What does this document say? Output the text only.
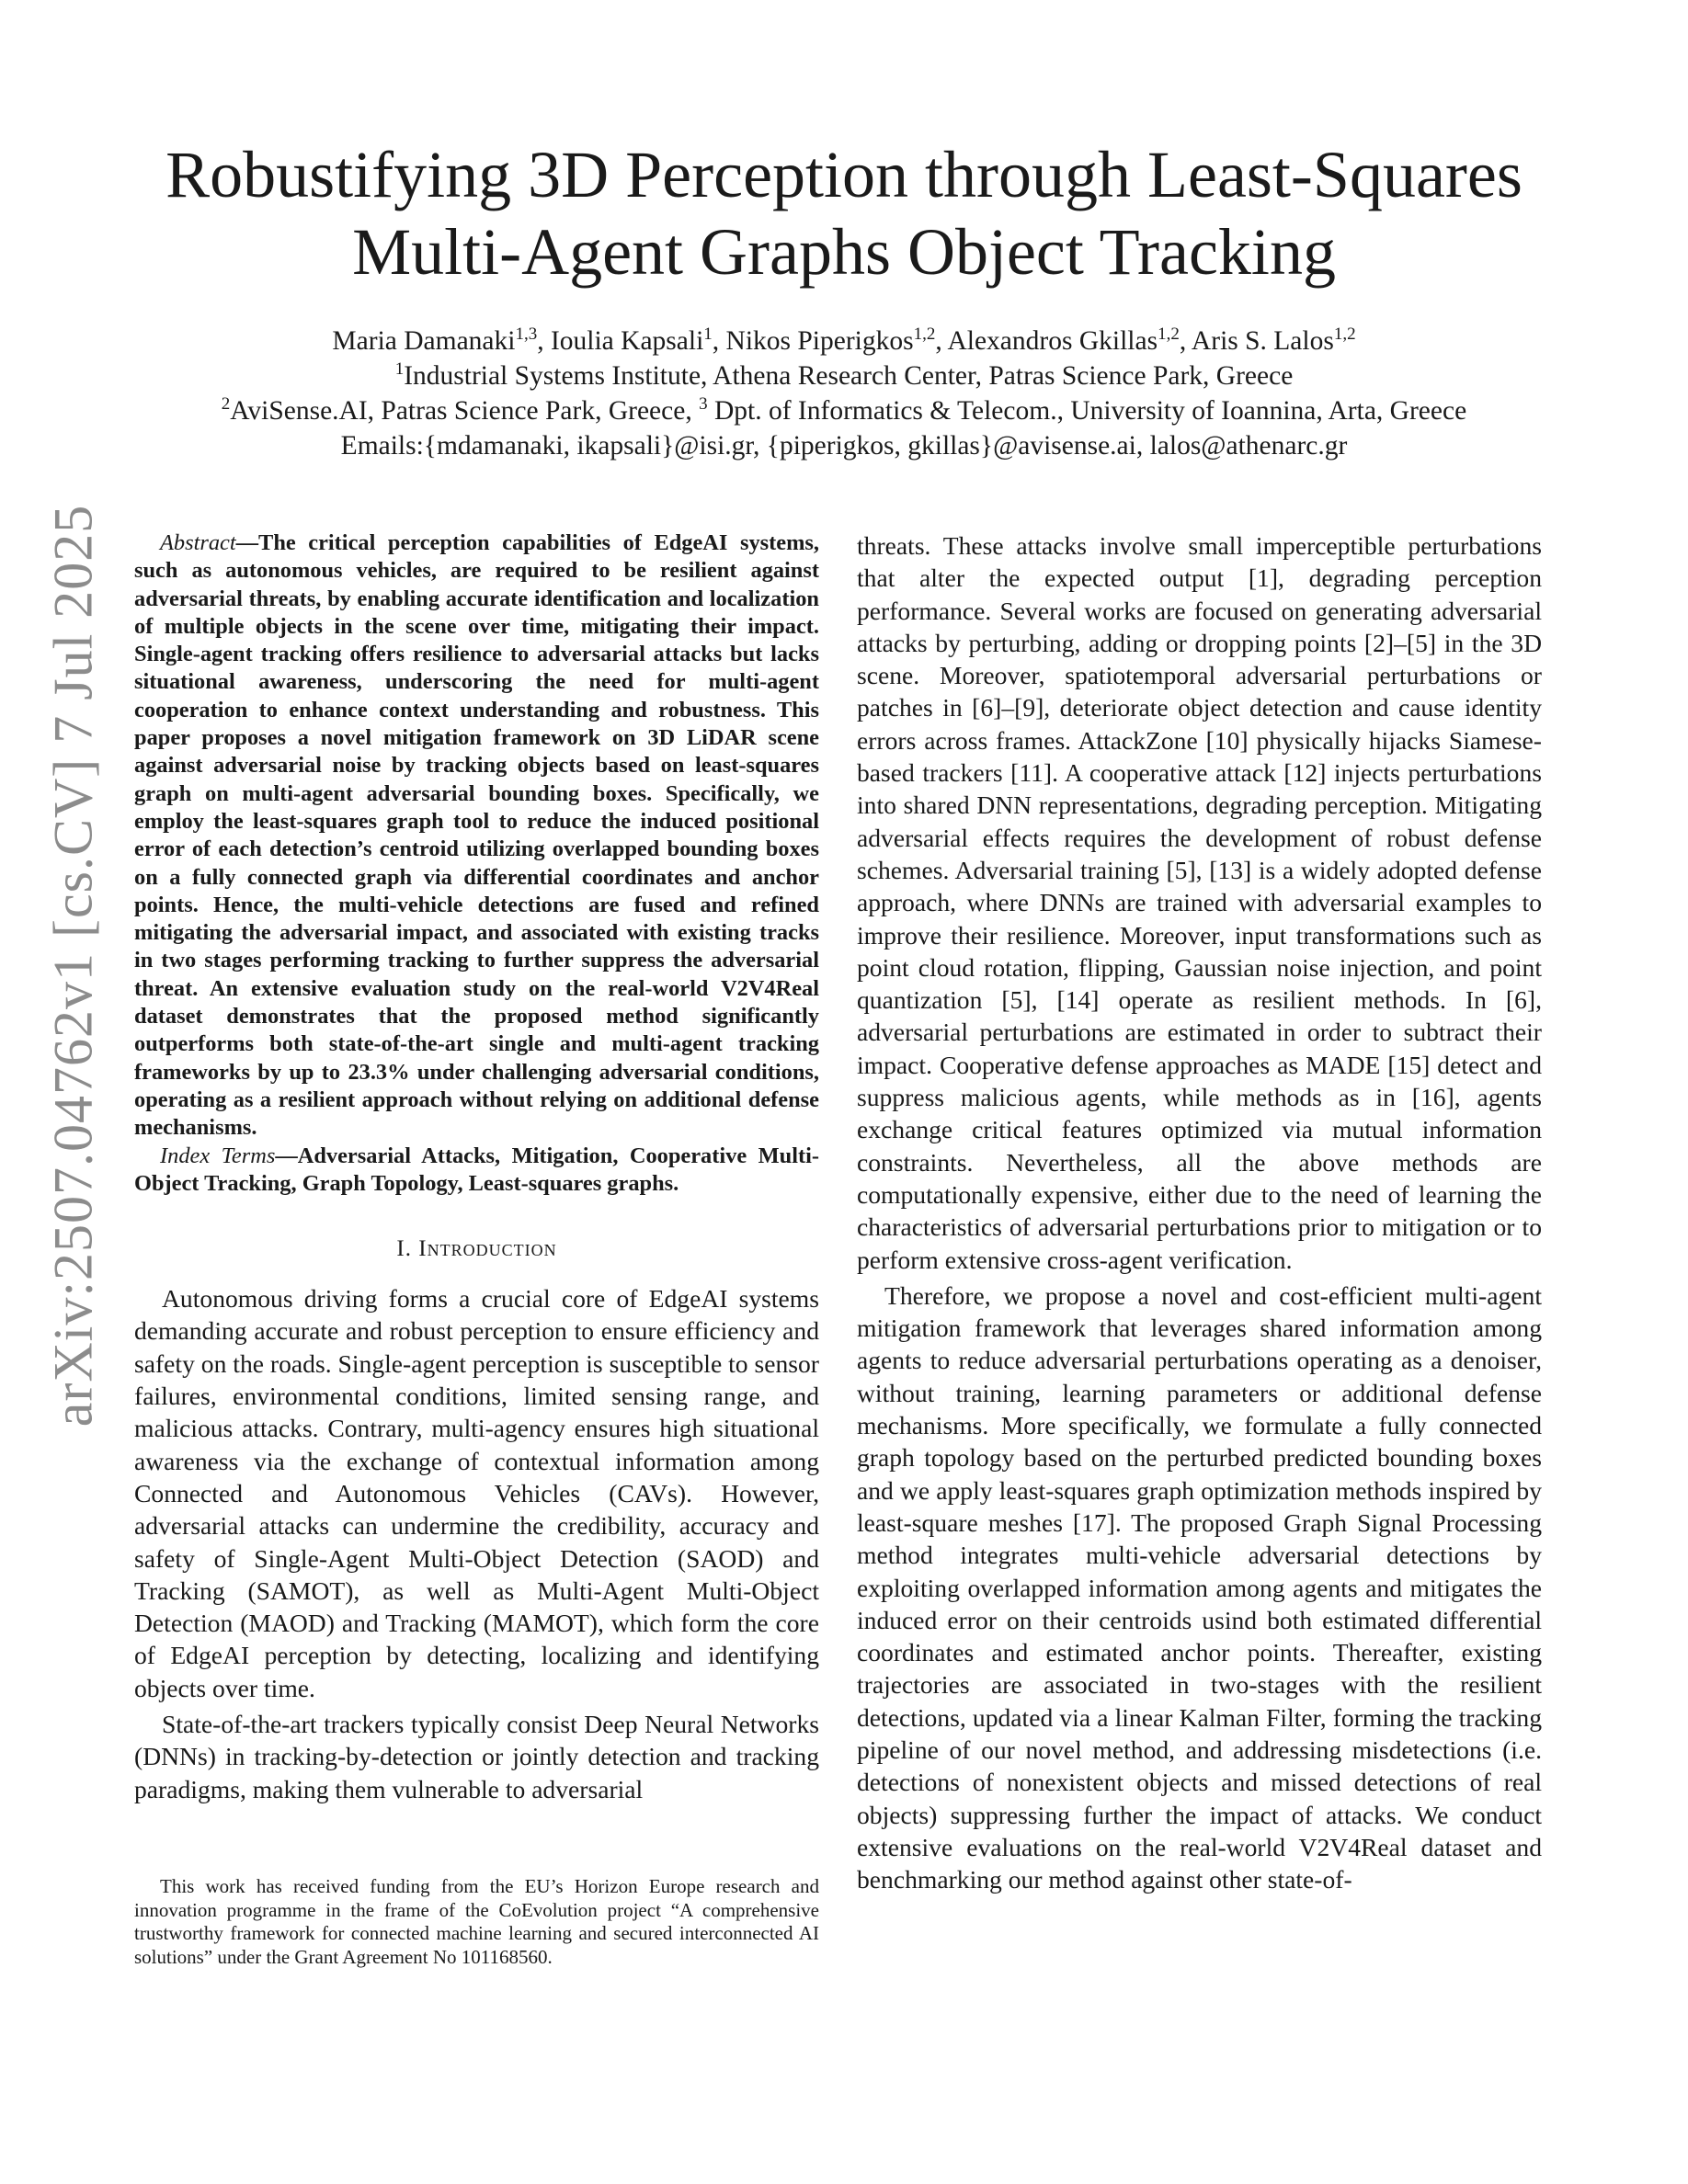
arXiv:2507.04762v1 [cs.CV] 7 Jul 2025
Robustifying 3D Perception through Least-Squares
Multi-Agent Graphs Object Tracking
Maria Damanaki$^{1,3}$, Ioulia Kapsali$^1$, Nikos Piperigkos$^{1,2}$, Alexandros Gkillas$^{1,2}$, Aris S. Lalos$^{1,2}$
$^1$Industrial Systems Institute, Athena Research Center, Patras Science Park, Greece
$^2$AviSense.AI, Patras Science Park, Greece, $^3$ Dpt. of Informatics & Telecom., University of Ioannina, Arta, Greece
Emails:{mdamanaki, ikapsali}@isi.gr, {piperigkos, gkillas}@avisense.ai, lalos@athenarc.gr

Abstract—The critical perception capabilities of EdgeAI systems, such as autonomous vehicles, are required to be resilient against adversarial threats, by enabling accurate identification and localization of multiple objects in the scene over time, mitigating their impact. Single-agent tracking offers resilience to adversarial attacks but lacks situational awareness, underscoring the need for multi-agent cooperation to enhance context understanding and robustness. This paper proposes a novel mitigation framework on 3D LiDAR scene against adversarial noise by tracking objects based on least-squares graph on multi-agent adversarial bounding boxes. Specifically, we employ the least-squares graph tool to reduce the induced positional error of each detection’s centroid utilizing overlapped bounding boxes on a fully connected graph via differential coordinates and anchor points. Hence, the multi-vehicle detections are fused and refined mitigating the adversarial impact, and associated with existing tracks in two stages performing tracking to further suppress the adversarial threat. An extensive evaluation study on the real-world V2V4Real dataset demonstrates that the proposed method significantly outperforms both state-of-the-art single and multi-agent tracking frameworks by up to 23.3% under challenging adversarial conditions, operating as a resilient approach without relying on additional defense mechanisms.

Index Terms—Adversarial Attacks, Mitigation, Cooperative Multi-Object Tracking, Graph Topology, Least-squares graphs.

I. Introduction

Autonomous driving forms a crucial core of EdgeAI systems demanding accurate and robust perception to ensure efficiency and safety on the roads. Single-agent perception is susceptible to sensor failures, environmental conditions, limited sensing range, and malicious attacks. Contrary, multi-agency ensures high situational awareness via the exchange of contextual information among Connected and Autonomous Vehicles (CAVs). However, adversarial attacks can undermine the credibility, accuracy and safety of Single-Agent Multi-Object Detection (SAOD) and Tracking (SAMOT), as well as Multi-Agent Multi-Object Detection (MAOD) and Tracking (MAMOT), which form the core of EdgeAI perception by detecting, localizing and identifying objects over time.

State-of-the-art trackers typically consist Deep Neural Networks (DNNs) in tracking-by-detection or jointly detection and tracking paradigms, making them vulnerable to adversarial

This work has received funding from the EU’s Horizon Europe research and innovation programme in the frame of the CoEvolution project “A comprehensive trustworthy framework for connected machine learning and secured interconnected AI solutions” under the Grant Agreement No 101168560.

threats. These attacks involve small imperceptible perturbations that alter the expected output [1], degrading perception performance. Several works are focused on generating adversarial attacks by perturbing, adding or dropping points [2]–[5] in the 3D scene. Moreover, spatiotemporal adversarial perturbations or patches in [6]–[9], deteriorate object detection and cause identity errors across frames. AttackZone [10] physically hijacks Siamese-based trackers [11]. A cooperative attack [12] injects perturbations into shared DNN representations, degrading perception. Mitigating adversarial effects requires the development of robust defense schemes. Adversarial training [5], [13] is a widely adopted defense approach, where DNNs are trained with adversarial examples to improve their resilience. Moreover, input transformations such as point cloud rotation, flipping, Gaussian noise injection, and point quantization [5], [14] operate as resilient methods. In [6], adversarial perturbations are estimated in order to subtract their impact. Cooperative defense approaches as MADE [15] detect and suppress malicious agents, while methods as in [16], agents exchange critical features optimized via mutual information constraints. Nevertheless, all the above methods are computationally expensive, either due to the need of learning the characteristics of adversarial perturbations prior to mitigation or to perform extensive cross-agent verification.

Therefore, we propose a novel and cost-efficient multi-agent mitigation framework that leverages shared information among agents to reduce adversarial perturbations operating as a denoiser, without training, learning parameters or additional defense mechanisms. More specifically, we formulate a fully connected graph topology based on the perturbed predicted bounding boxes and we apply least-squares graph optimization methods inspired by least-square meshes [17]. The proposed Graph Signal Processing method integrates multi-vehicle adversarial detections by exploiting overlapped information among agents and mitigates the induced error on their centroids usind both estimated differential coordinates and estimated anchor points. Thereafter, existing trajectories are associated in two-stages with the resilient detections, updated via a linear Kalman Filter, forming the tracking pipeline of our novel method, and addressing misdetections (i.e. detections of nonexistent objects and missed detections of real objects) suppressing further the impact of attacks. We conduct extensive evaluations on the real-world V2V4Real dataset and benchmarking our method against other state-of-
